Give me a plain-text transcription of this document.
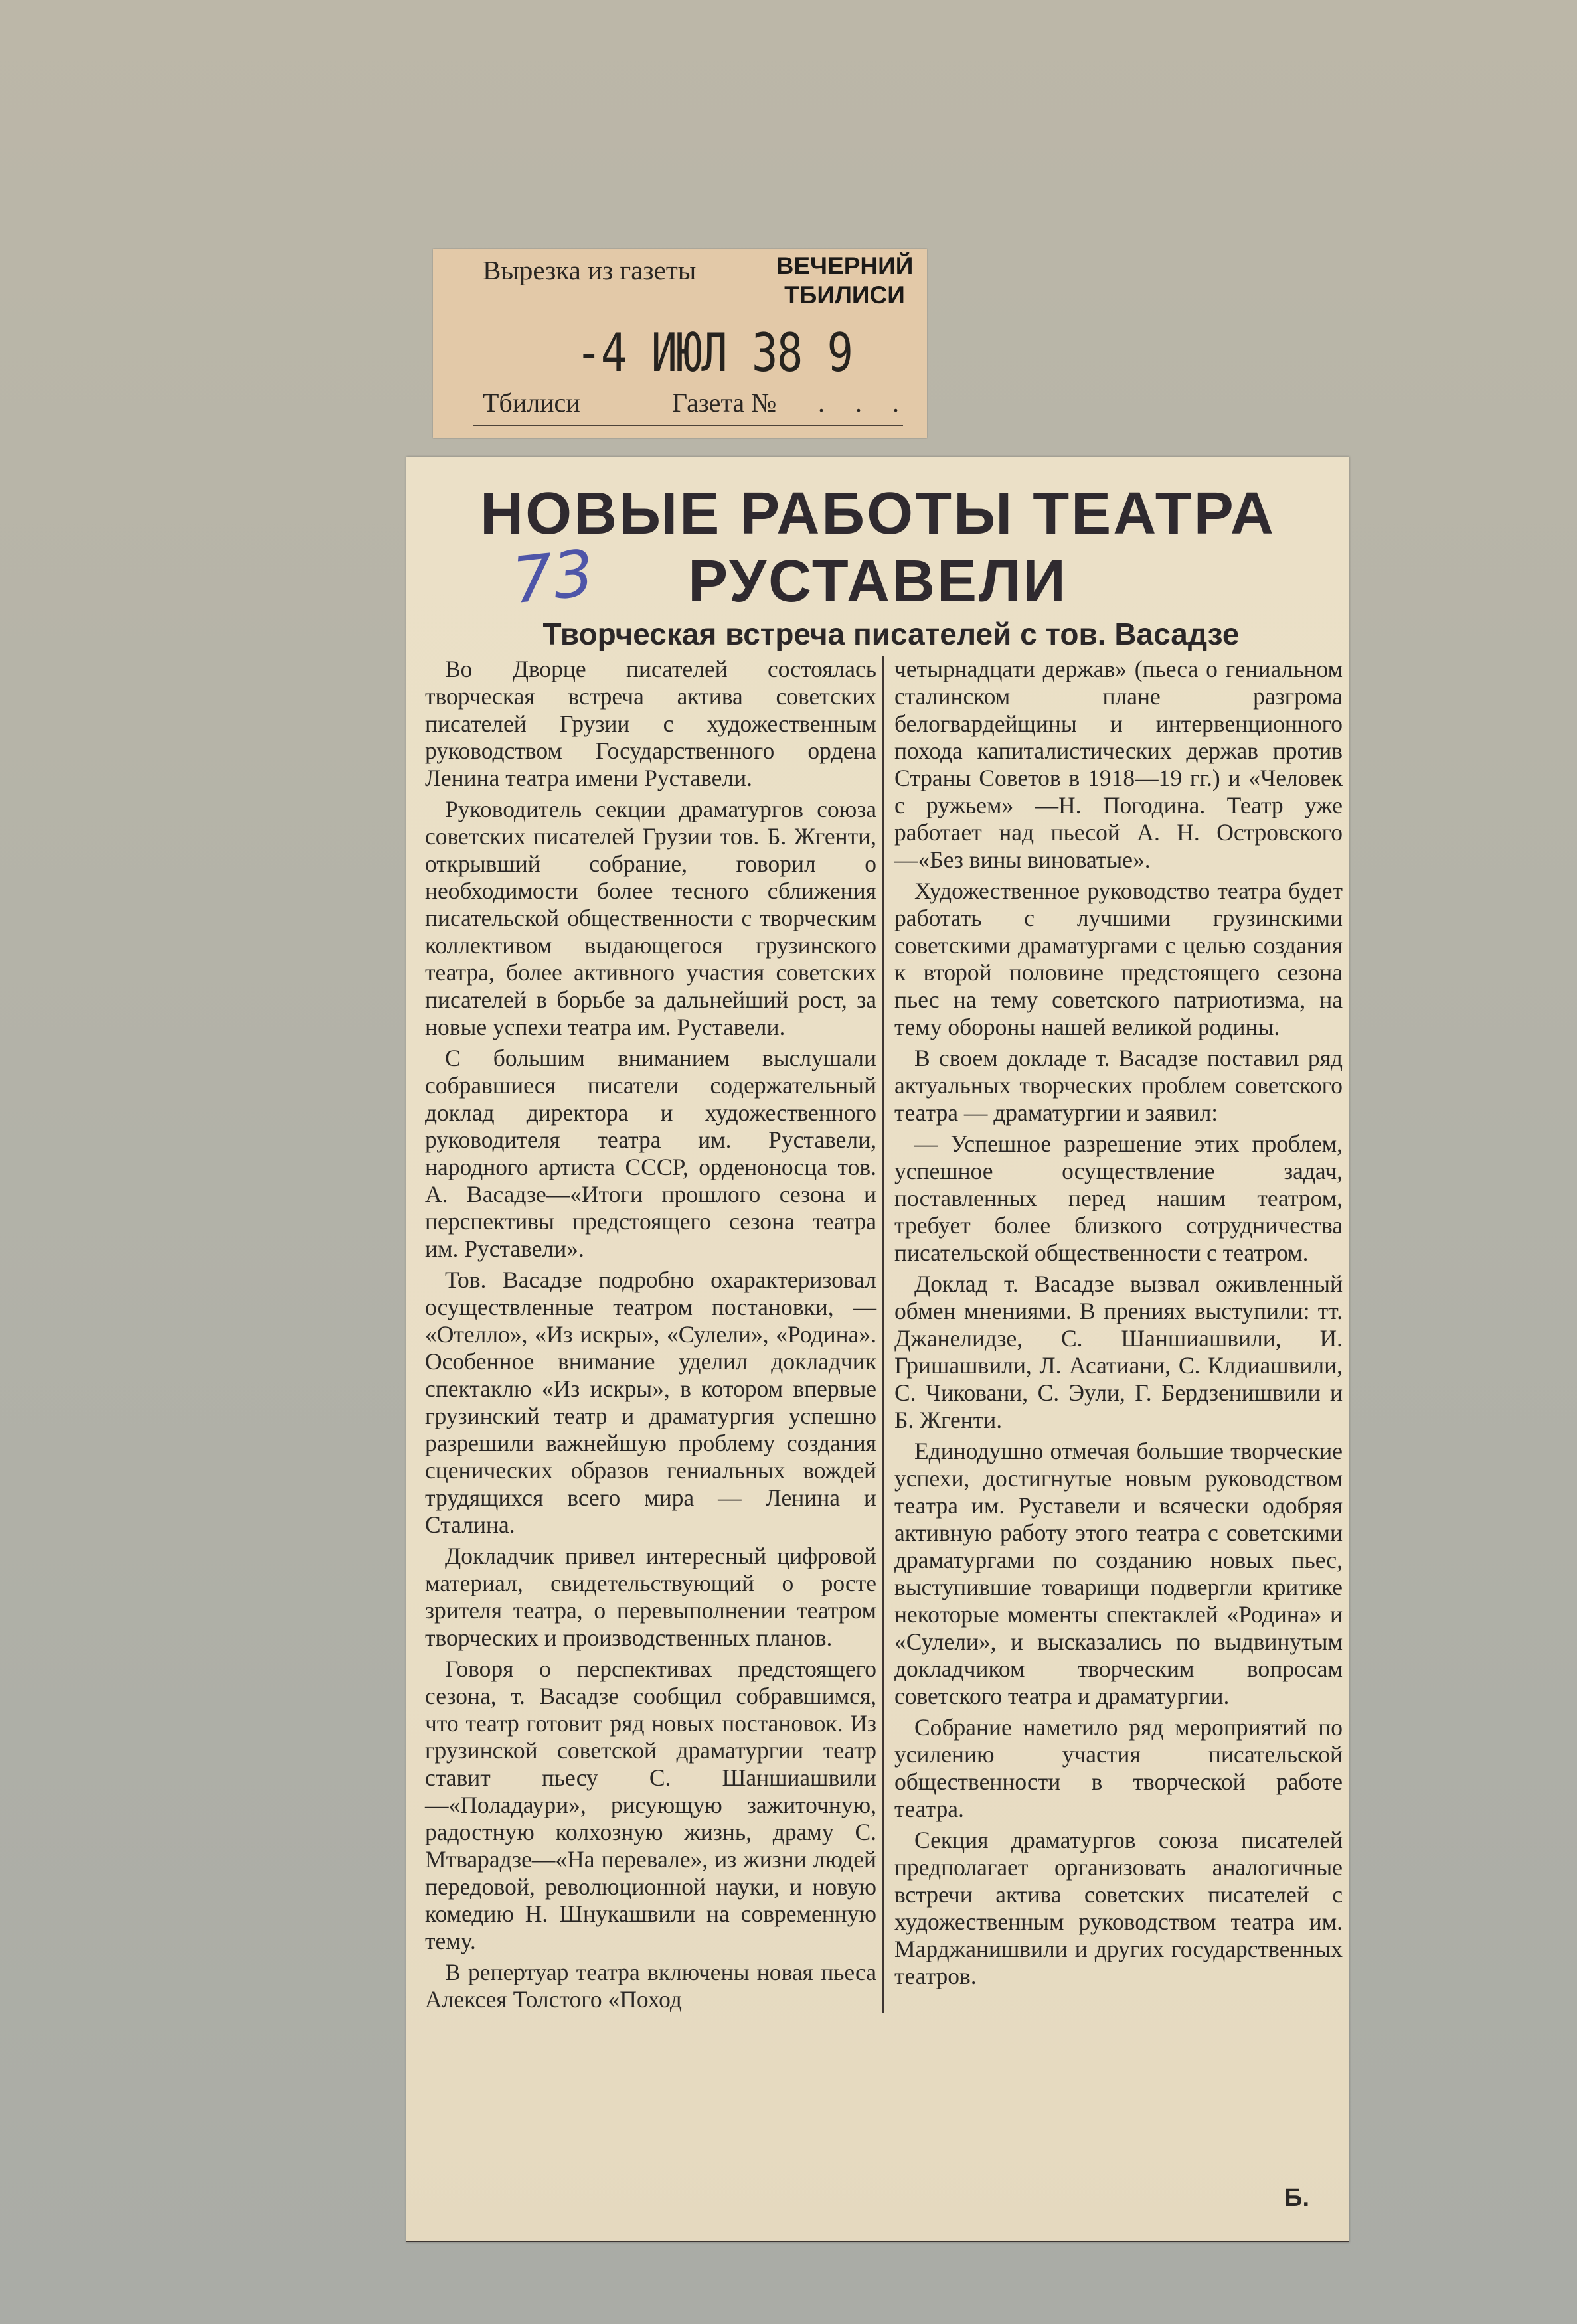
Вырезка из газеты	ВЕЧЕРНИЙ ТБИЛИСИ
-4 ИЮЛ 38 9
Тбилиси	Газета № . . .
НОВЫЕ РАБОТЫ ТЕАТРА
РУСТАВЕЛИ
73
Творческая встреча писателей с тов. Васадзе

Во Дворце писателей состоялась творческая встреча актива советских писателей Грузии с художественным руководством Государственного ордена Ленина театра имени Руставели.

Руководитель секции драматургов союза советских писателей Грузии тов. Б. Жгенти, открывший собрание, говорил о необходимости более тесного сближения писательской общественности с творческим коллективом выдающегося грузинского театра, более активного участия советских писателей в борьбе за дальнейший рост, за новые успехи театра им. Руставели.

С большим вниманием выслушали собравшиеся писатели содержательный доклад директора и художественного руководителя театра им. Руставели, народного артиста СССР, орденоносца тов. А. Васадзе—«Итоги прошлого сезона и перспективы предстоящего сезона театра им. Руставели».

Тов. Васадзе подробно охарактеризовал осуществленные театром постановки, — «Отелло», «Из искры», «Сулели», «Родина». Особенное внимание уделил докладчик спектаклю «Из искры», в котором впервые грузинский театр и драматургия успешно разрешили важнейшую проблему создания сценических образов гениальных вождей трудящихся всего мира — Ленина и Сталина.

Докладчик привел интересный цифровой материал, свидетельствующий о росте зрителя театра, о перевыполнении театром творческих и производственных планов.

Говоря о перспективах предстоящего сезона, т. Васадзе сообщил собравшимся, что театр готовит ряд новых постановок. Из грузинской советской драматургии театр ставит пьесу С. Шаншиашвили—«Поладаури», рисующую зажиточную, радостную колхозную жизнь, драму С. Мтварадзе—«На перевале», из жизни людей передовой, революционной науки, и новую комедию Н. Шнукашвили на современную тему.

В репертуар театра включены новая пьеса Алексея Толстого «Поход

четырнадцати держав» (пьеса о гениальном сталинском плане разгрома белогвардейщины и интервенционного похода капиталистических держав против Страны Советов в 1918—19 гг.) и «Человек с ружьем» —Н. Погодина. Театр уже работает над пьесой А. Н. Островского—«Без вины виноватые».

Художественное руководство театра будет работать с лучшими грузинскими советскими драматургами с целью создания к второй половине предстоящего сезона пьес на тему советского патриотизма, на тему обороны нашей великой родины.

В своем докладе т. Васадзе поставил ряд актуальных творческих проблем советского театра — драматургии и заявил:

— Успешное разрешение этих проблем, успешное осуществление задач, поставленных перед нашим театром, требует более близкого сотрудничества писательской общественности с театром.

Доклад т. Васадзе вызвал оживленный обмен мнениями. В прениях выступили: тт. Джанелидзе, С. Шаншиашвили, И. Гришашвили, Л. Асатиани, С. Клдиашвили, С. Чиковани, С. Эули, Г. Бердзенишвили и Б. Жгенти.

Единодушно отмечая большие творческие успехи, достигнутые новым руководством театра им. Руставели и всячески одобряя активную работу этого театра с советскими драматургами по созданию новых пьес, выступившие товарищи подвергли критике некоторые моменты спектаклей «Родина» и «Сулели», и высказались по выдвинутым докладчиком творческим вопросам советского театра и драматургии.

Собрание наметило ряд мероприятий по усилению участия писательской общественности в творческой работе театра.

Секция драматургов союза писателей предполагает организовать аналогичные встречи актива советских писателей с художественным руководством театра им. Марджанишвили и других государственных театров.

Б.
